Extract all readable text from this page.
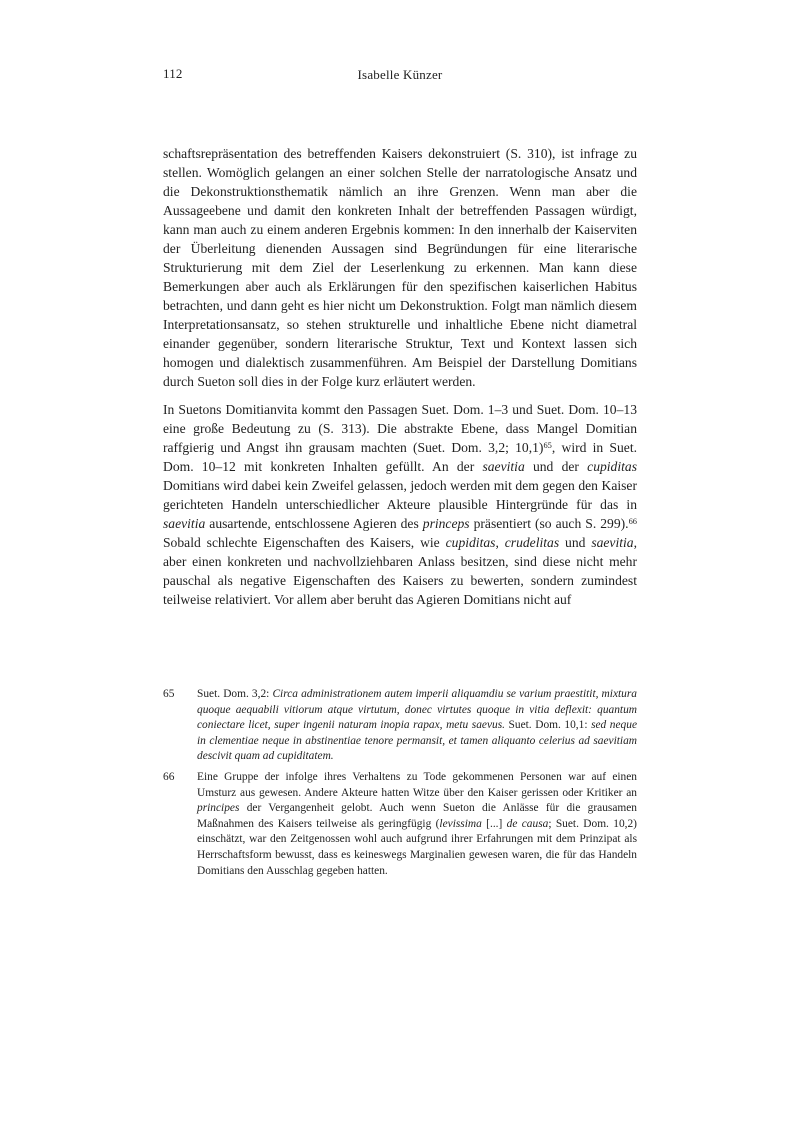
112	Isabelle Künzer

schaftsrepräsentation des betreffenden Kaisers dekonstruiert (S. 310), ist infrage zu stellen. Womöglich gelangen an einer solchen Stelle der narratologische Ansatz und die Dekonstruktionsthematik nämlich an ihre Grenzen. Wenn man aber die Aussageebene und damit den konkreten Inhalt der betreffenden Passagen würdigt, kann man auch zu einem anderen Ergebnis kommen: In den innerhalb der Kaiserviten der Überleitung dienenden Aussagen sind Begründungen für eine literarische Strukturierung mit dem Ziel der Leserlenkung zu erkennen. Man kann diese Bemerkungen aber auch als Erklärungen für den spezifischen kaiserlichen Habitus betrachten, und dann geht es hier nicht um Dekonstruktion. Folgt man nämlich diesem Interpretationsansatz, so stehen strukturelle und inhaltliche Ebene nicht diametral einander gegenüber, sondern literarische Struktur, Text und Kontext lassen sich homogen und dialektisch zusammenführen. Am Beispiel der Darstellung Domitians durch Sueton soll dies in der Folge kurz erläutert werden.

In Suetons Domitianvita kommt den Passagen Suet. Dom. 1–3 und Suet. Dom. 10–13 eine große Bedeutung zu (S. 313). Die abstrakte Ebene, dass Mangel Domitian raffgierig und Angst ihn grausam machten (Suet. Dom. 3,2; 10,1)$^{65}$, wird in Suet. Dom. 10–12 mit konkreten Inhalten gefüllt. An der saevitia und der cupiditas Domitians wird dabei kein Zweifel gelassen, jedoch werden mit dem gegen den Kaiser gerichteten Handeln unterschiedlicher Akteure plausible Hintergründe für das in saevitia ausartende, entschlossene Agieren des princeps präsentiert (so auch S. 299).$^{66}$ Sobald schlechte Eigenschaften des Kaisers, wie cupiditas, crudelitas und saevitia, aber einen konkreten und nachvollziehbaren Anlass besitzen, sind diese nicht mehr pauschal als negative Eigenschaften des Kaisers zu bewerten, sondern zumindest teilweise relativiert. Vor allem aber beruht das Agieren Domitians nicht auf

65	Suet. Dom. 3,2: Circa administrationem autem imperii aliquamdiu se varium praestitit, mixtura quoque aequabili vitiorum atque virtutum, donec virtutes quoque in vitia deflexit: quantum coniectare licet, super ingenii naturam inopia rapax, metu saevus. Suet. Dom. 10,1: sed neque in clementiae neque in abstinentiae tenore permansit, et tamen aliquanto celerius ad saevitiam descivit quam ad cupiditatem.
66	Eine Gruppe der infolge ihres Verhaltens zu Tode gekommenen Personen war auf einen Umsturz aus gewesen. Andere Akteure hatten Witze über den Kaiser gerissen oder Kritiker an principes der Vergangenheit gelobt. Auch wenn Sueton die Anlässe für die grausamen Maßnahmen des Kaisers teilweise als geringfügig (levissima [...] de causa; Suet. Dom. 10,2) einschätzt, war den Zeitgenossen wohl auch aufgrund ihrer Erfahrungen mit dem Prinzipat als Herrschaftsform bewusst, dass es keineswegs Marginalien gewesen waren, die für das Handeln Domitians den Ausschlag gegeben hatten.
